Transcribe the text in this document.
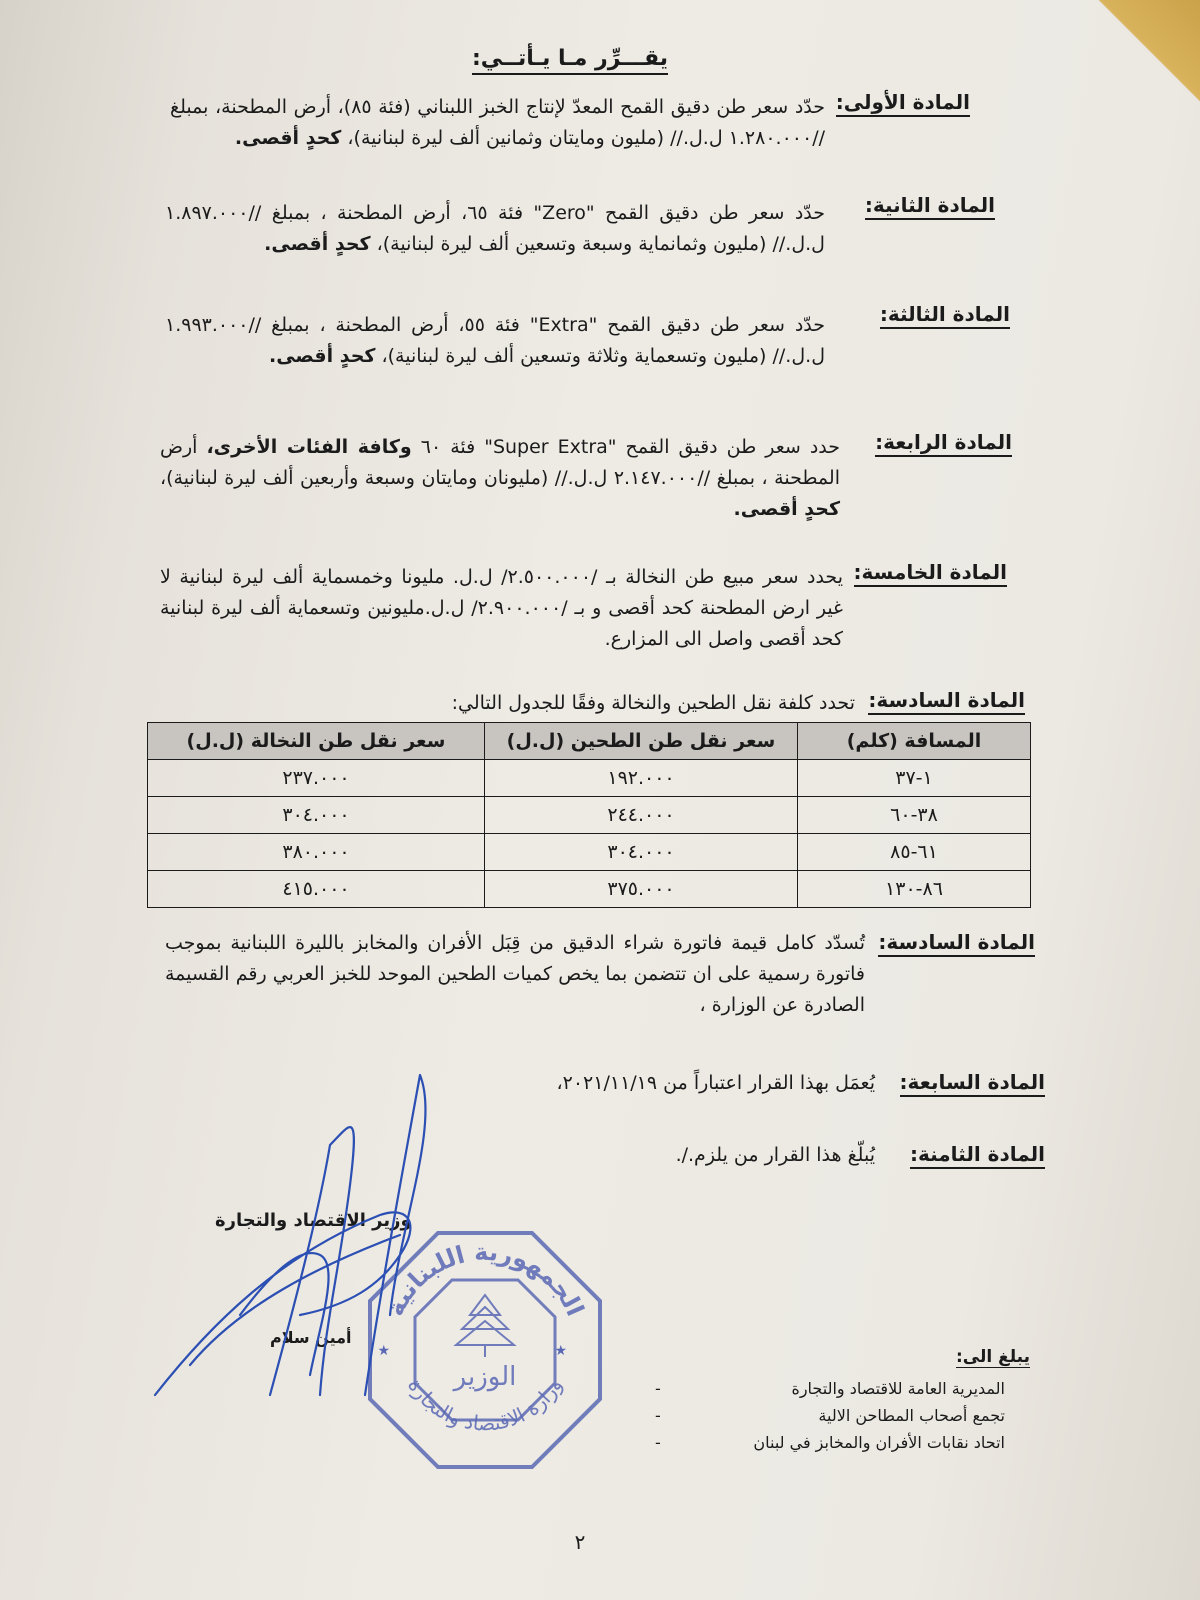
يقـــرِّر مـا يـأتــي:
المادة الأولى:
حدّد سعر طن دقيق القمح المعدّ لإنتاج الخبز اللبناني (فئة ٨٥)، أرض المطحنة، بمبلغ //١.٢٨٠.٠٠٠ ل.ل.// (مليون ومايتان وثمانين ألف ليرة لبنانية)، كحدٍ أقصى.
المادة الثانية:
حدّد سعر طن دقيق القمح "Zero" فئة ٦٥، أرض المطحنة ، بمبلغ //١.٨٩٧.٠٠٠ ل.ل.// (مليون وثمانماية وسبعة وتسعين ألف ليرة لبنانية)، كحدٍ أقصى.
المادة الثالثة:
حدّد سعر طن دقيق القمح "Extra" فئة ٥٥، أرض المطحنة ، بمبلغ //١.٩٩٣.٠٠٠ ل.ل.// (مليون وتسعماية وثلاثة وتسعين ألف ليرة لبنانية)، كحدٍ أقصى.
المادة الرابعة:
حدد سعر طن دقيق القمح "Super Extra" فئة ٦٠ وكافة الفئات الأخرى، أرض المطحنة ، بمبلغ //٢.١٤٧.٠٠٠ ل.ل.// (مليونان ومايتان وسبعة وأربعين ألف ليرة لبنانية)، كحدٍ أقصى.
المادة الخامسة:
يحدد سعر مبيع طن النخالة بـ /٢.٥٠٠.٠٠٠/ ل.ل. مليونا وخمسماية ألف ليرة لبنانية لا غير ارض المطحنة كحد أقصى و بـ /٢.٩٠٠.٠٠٠/ ل.ل.مليونين وتسعماية ألف ليرة لبنانية كحد أقصى واصل الى المزارع.
المادة السادسة:
تحدد كلفة نقل الطحين والنخالة وفقًا للجدول التالي:
المسافة (كلم)	سعر نقل طن الطحين (ل.ل)	سعر نقل طن النخالة (ل.ل)
١-٣٧	١٩٢.٠٠٠	٢٣٧.٠٠٠
٣٨-٦٠	٢٤٤.٠٠٠	٣٠٤.٠٠٠
٦١-٨٥	٣٠٤.٠٠٠	٣٨٠.٠٠٠
٨٦-١٣٠	٣٧٥.٠٠٠	٤١٥.٠٠٠
المادة السادسة:
تُسدّد كامل قيمة فاتورة شراء الدقيق من قِبَل الأفران والمخابز بالليرة اللبنانية بموجب فاتورة رسمية على ان تتضمن بما يخص كميات الطحين الموحد للخبز العربي رقم القسيمة الصادرة عن الوزارة ،
المادة السابعة:
يُعمَل بهذا القرار اعتباراً من ٢٠٢١/١١/١٩،
المادة الثامنة:
يُبلّغ هذا القرار من يلزم./.
وزير الاقتصاد والتجارة
أمين سلام
الجمهورية اللبنانية
وزارة الاقتصاد والتجارة
الوزير
★	★	يبلغ الى:
المديرية العامة للاقتصاد والتجارة
-
تجمع أصحاب المطاحن الالية
-
اتحاد نقابات الأفران والمخابز في لبنان
-
٢
